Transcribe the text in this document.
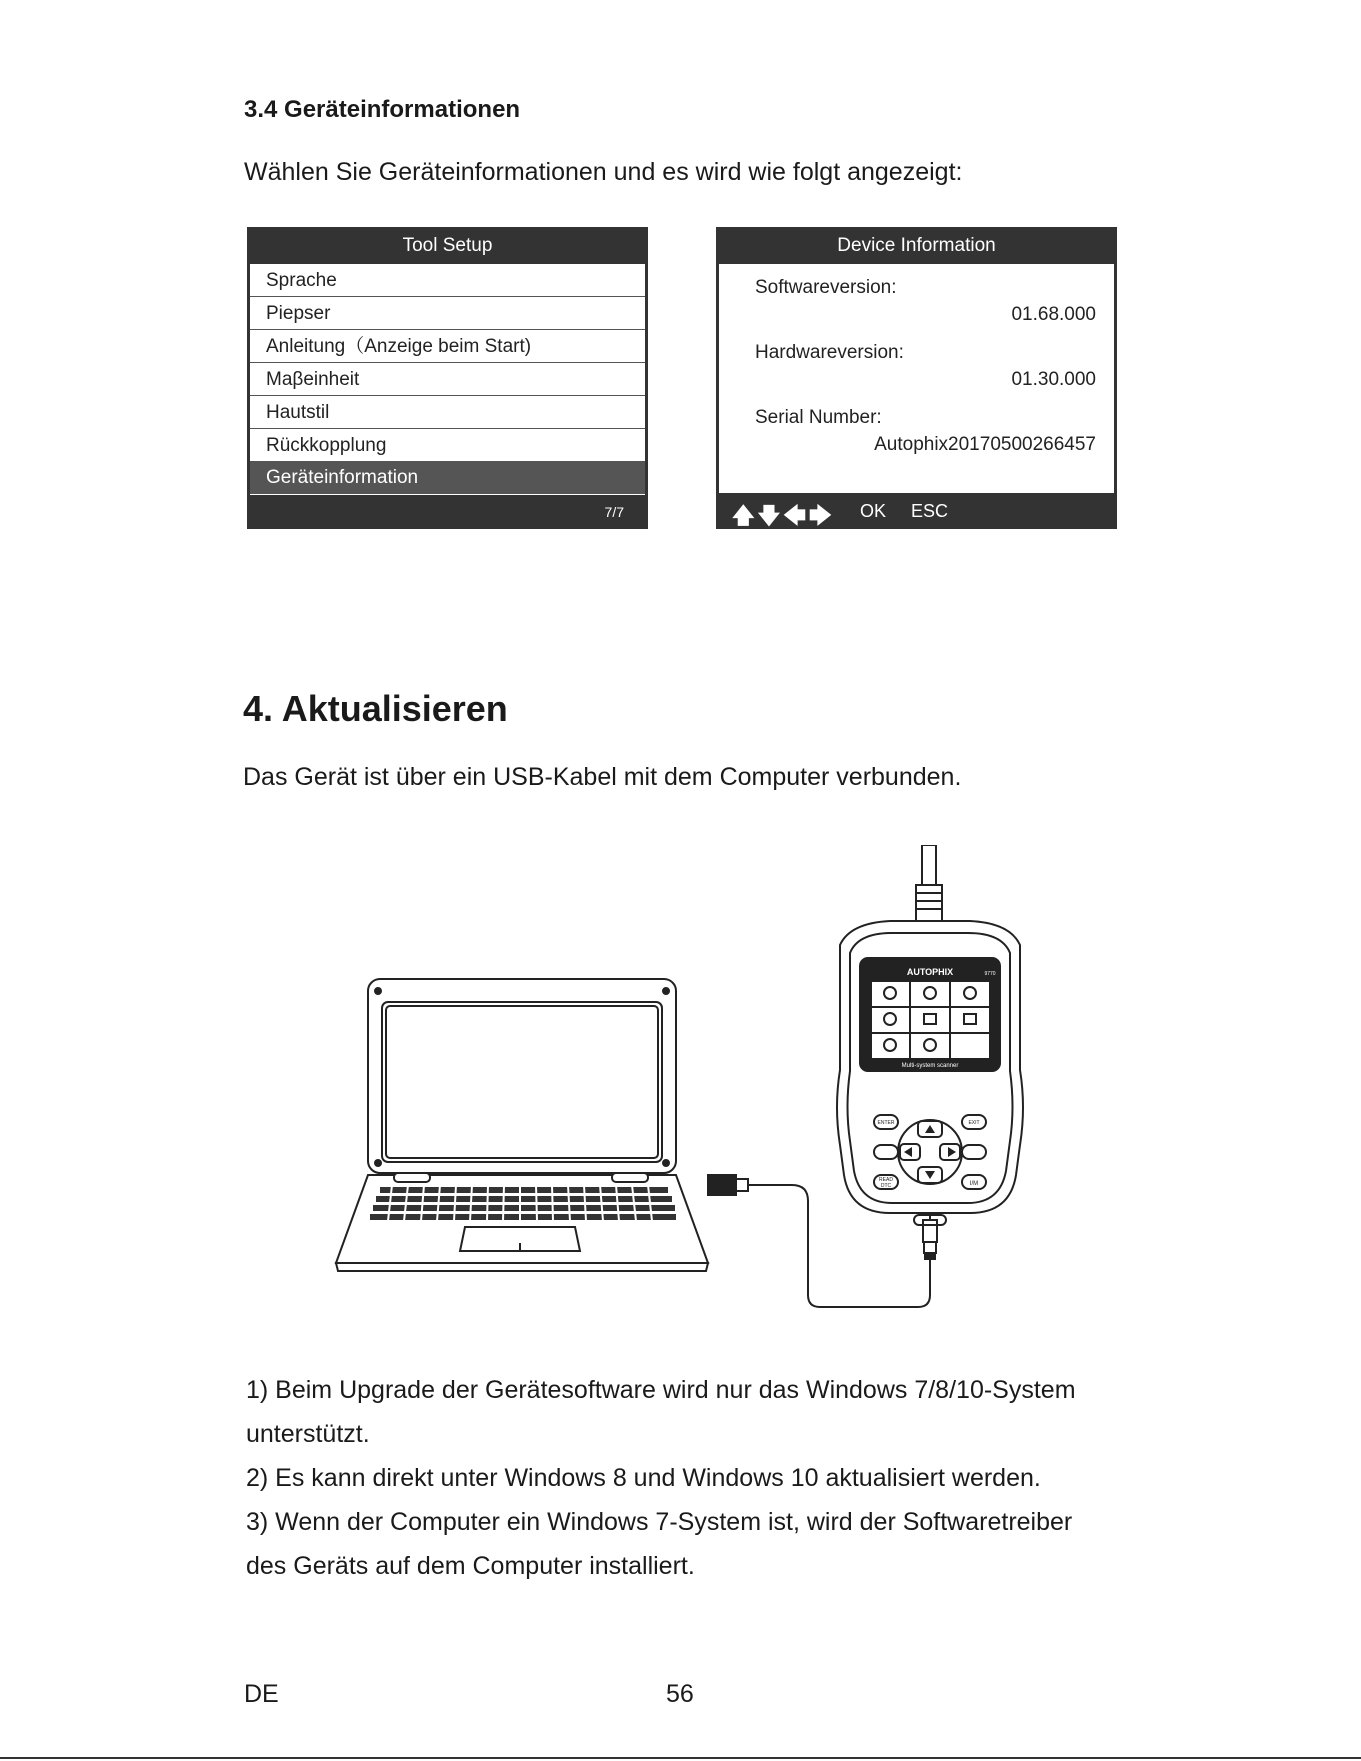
3.4 Geräteinformationen
Wählen Sie Geräteinformationen und es wird wie folgt angezeigt:
Tool Setup
Sprache
Piepser
Anleitung（Anzeige beim Start)
Maβeinheit
Hautstil
Rückkopplung
Geräteinformation
7/7
Device Information
Softwareversion:
01.68.000
Hardwareversion:
01.30.000
Serial Number:
Autophix20170500266457
🡅🡇🡄🡆 OK ESC
4. Aktualisieren
Das Gerät ist über ein USB-Kabel mit dem Computer verbunden.
AUTOPHIX	9770
Multi-system scanner
ENTER	EXIT
READ
DTC	I/M

1) Beim Upgrade der Gerätesoftware wird nur das Windows 7/8/10-System

unterstützt.

2) Es kann direkt unter Windows 8 und Windows 10 aktualisiert werden.

3) Wenn der Computer ein Windows 7-System ist, wird der Softwaretreiber

des Geräts auf dem Computer installiert.

DE	56
